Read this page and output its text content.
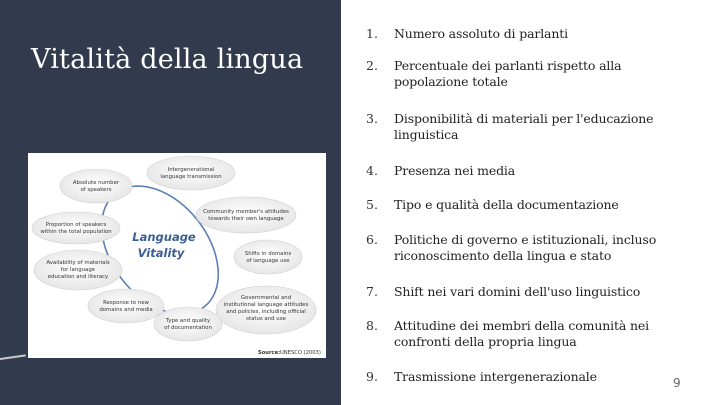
Vitalità della lingua
Intergenerational
language transmission
Absolute number
of speakers
Community member's attitudes
towards their own language
Proportion of speakers
within the total population
Shifts in domains
of language use
Availability of materials
for language
education and literacy
Governmental and
institutional language attitudes
and policies, including official
status and use
Response to new
domains and media
Type and quality
of documentation
Language
Vitality
Source: UNESCO (2003)
1.	Numero assoluto di parlanti
2.	Percentuale dei parlanti rispetto alla popolazione totale
3.	Disponibilità di materiali per l'educazione linguistica
4.	Presenza nei media
5.	Tipo e qualità della documentazione
6.	Politiche di governo e istituzionali, incluso riconoscimento della lingua e stato
7.	Shift nei vari domini dell'uso linguistico
8.	Attitudine dei membri della comunità nei confronti della propria lingua
9.	Trasmissione intergenerazionale	9
